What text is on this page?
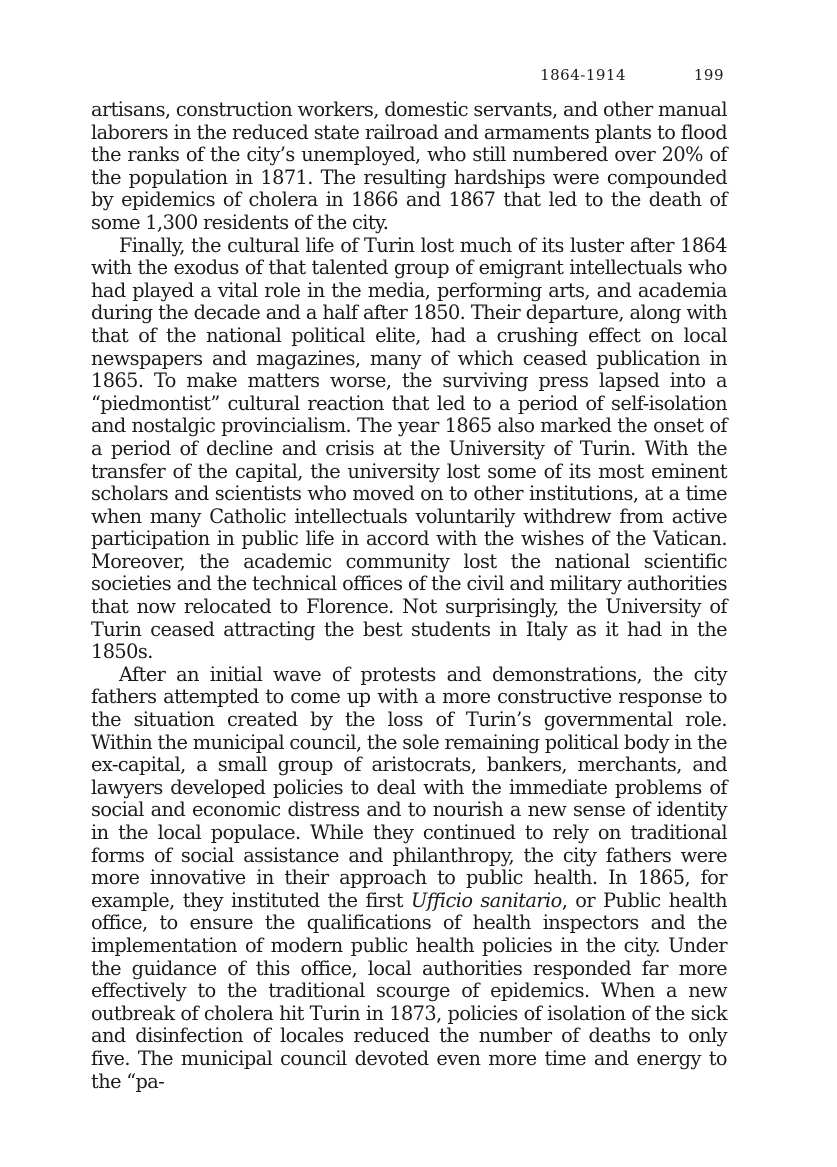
1864-1914	199

artisans, construction workers, domestic servants, and other manual laborers in the reduced state railroad and armaments plants to flood the ranks of the city’s unemployed, who still numbered over 20% of the population in 1871. The resulting hardships were compounded by epidemics of cholera in 1866 and 1867 that led to the death of some 1,300 residents of the city.

Finally, the cultural life of Turin lost much of its luster after 1864 with the exodus of that talented group of emigrant intellectuals who had played a vital role in the media, performing arts, and academia during the decade and a half after 1850. Their departure, along with that of the national political elite, had a crushing effect on local newspapers and magazines, many of which ceased publication in 1865. To make matters worse, the surviving press lapsed into a “piedmontist” cultural reaction that led to a period of self-isolation and nostalgic provincialism. The year 1865 also marked the onset of a period of decline and crisis at the University of Turin. With the transfer of the capital, the university lost some of its most eminent scholars and scientists who moved on to other institutions, at a time when many Catholic intellectuals voluntarily withdrew from active participation in public life in accord with the wishes of the Vatican. Moreover, the academic community lost the national scientific societies and the technical offices of the civil and military authorities that now relocated to Florence. Not surprisingly, the University of Turin ceased attracting the best students in Italy as it had in the 1850s.

After an initial wave of protests and demonstrations, the city fathers attempted to come up with a more constructive response to the situation created by the loss of Turin’s governmental role. Within the municipal council, the sole remaining political body in the ex-capital, a small group of aristocrats, bankers, merchants, and lawyers developed policies to deal with the immediate problems of social and economic distress and to nourish a new sense of identity in the local populace. While they continued to rely on traditional forms of social assistance and philanthropy, the city fathers were more innovative in their approach to public health. In 1865, for example, they instituted the first Ufficio sanitario, or Public health office, to ensure the qualifications of health inspectors and the implementation of modern public health policies in the city. Under the guidance of this office, local authorities responded far more effectively to the traditional scourge of epidemics. When a new outbreak of cholera hit Turin in 1873, policies of isolation of the sick and disinfection of locales reduced the number of deaths to only five. The municipal council devoted even more time and energy to the “pa-
